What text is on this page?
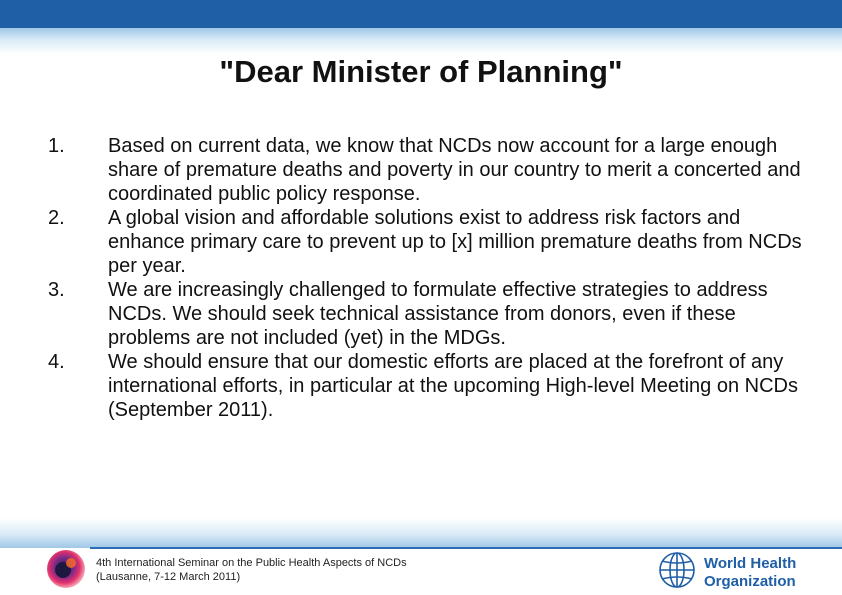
"Dear Minister of Planning"
1.	Based on current data, we know that NCDs now account for a large enough share of premature deaths and poverty in our country to merit a concerted and coordinated public policy response.
2.	A global vision and affordable solutions exist to address risk factors and enhance primary care to prevent up to [x] million premature deaths from NCDs per year.
3.	We are increasingly challenged to formulate effective strategies to address NCDs. We should seek technical assistance from donors, even if these problems are not included (yet) in the MDGs.
4.	We should ensure that our domestic efforts are placed at the forefront of any international efforts, in particular at the upcoming High-level Meeting on NCDs (September 2011).
4th International Seminar on the Public Health Aspects of NCDs
(Lausanne, 7-12 March 2011)
World Health
Organization
